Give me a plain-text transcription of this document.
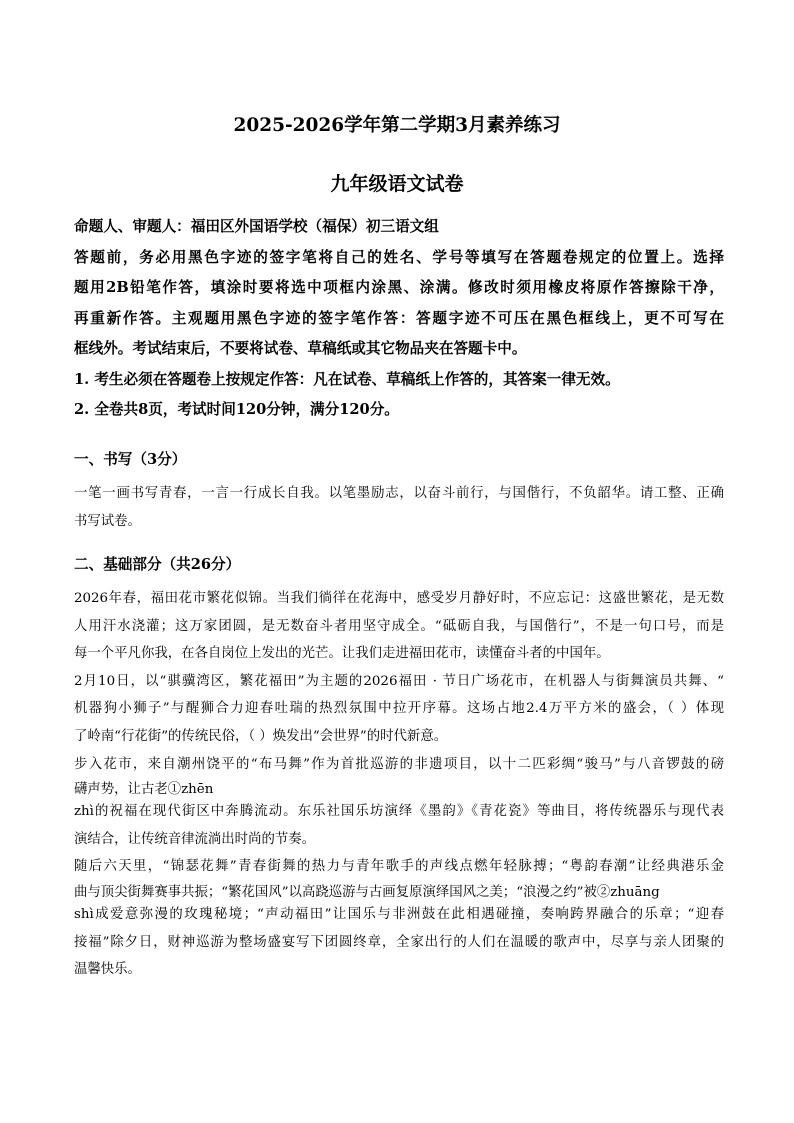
2025-2026学年第二学期3月素养练习
九年级语文试卷
命题人、审题人：福田区外国语学校（福保）初三语文组
答题前，务必用黑色字迹的签字笔将自己的姓名、学号等填写在答题卷规定的位置上。选择
题用2B铅笔作答，填涂时要将选中项框内涂黑、涂满。修改时须用橡皮将原作答擦除干净，
再重新作答。主观题用黑色字迹的签字笔作答：答题字迹不可压在黑色框线上，更不可写在
框线外。考试结束后，不要将试卷、草稿纸或其它物品夹在答题卡中。
1. 考生必须在答题卷上按规定作答：凡在试卷、草稿纸上作答的，其答案一律无效。
2. 全卷共8页，考试时间120分钟，满分120分。
一、书写（3分）
一笔一画书写青春，一言一行成长自我。以笔墨励志，以奋斗前行，与国偕行，不负韶华。请工整、正确
书写试卷。
二、基础部分（共26分）
2026年春，福田花市繁花似锦。当我们徜徉在花海中，感受岁月静好时，不应忘记：这盛世繁花，是无数
人用汗水浇灌；这万家团圆，是无数奋斗者用坚守成全。“砥砺自我，与国偕行”，不是一句口号，而是
每一个平凡你我，在各自岗位上发出的光芒。让我们走进福田花市，读懂奋斗者的中国年。
2月10日，以“骐骥湾区，繁花福田”为主题的2026福田 · 节日广场花市，在机器人与街舞演员共舞、“
机器狗小狮子”与醒狮合力迎春吐瑞的热烈氛围中拉开序幕。这场占地2.4万平方米的盛会，（ ）体现
了岭南“行花街”的传统民俗，（ ）焕发出“会世界”的时代新意。
步入花市，来自潮州饶平的“布马舞”作为首批巡游的非遗项目，以十二匹彩绸“骏马”与八音锣鼓的磅
礴声势，让古老①zhēn
zhì的祝福在现代街区中奔腾流动。东乐社国乐坊演绎《墨韵》《青花瓷》等曲目，将传统器乐与现代表
演结合，让传统音律流淌出时尚的节奏。
随后六天里，“锦瑟花舞”青春街舞的热力与青年歌手的声线点燃年轻脉搏；“粤韵春潮”让经典港乐金
曲与顶尖街舞赛事共振；“繁花国风”以高跷巡游与古画复原演绎国风之美；“浪漫之约”被②zhuāng
shì成爱意弥漫的玫瑰秘境；“声动福田”让国乐与非洲鼓在此相遇碰撞，奏响跨界融合的乐章；“迎春
接福”除夕日，财神巡游为整场盛宴写下团圆终章，全家出行的人们在温暖的歌声中，尽享与亲人团聚的
温馨快乐。
